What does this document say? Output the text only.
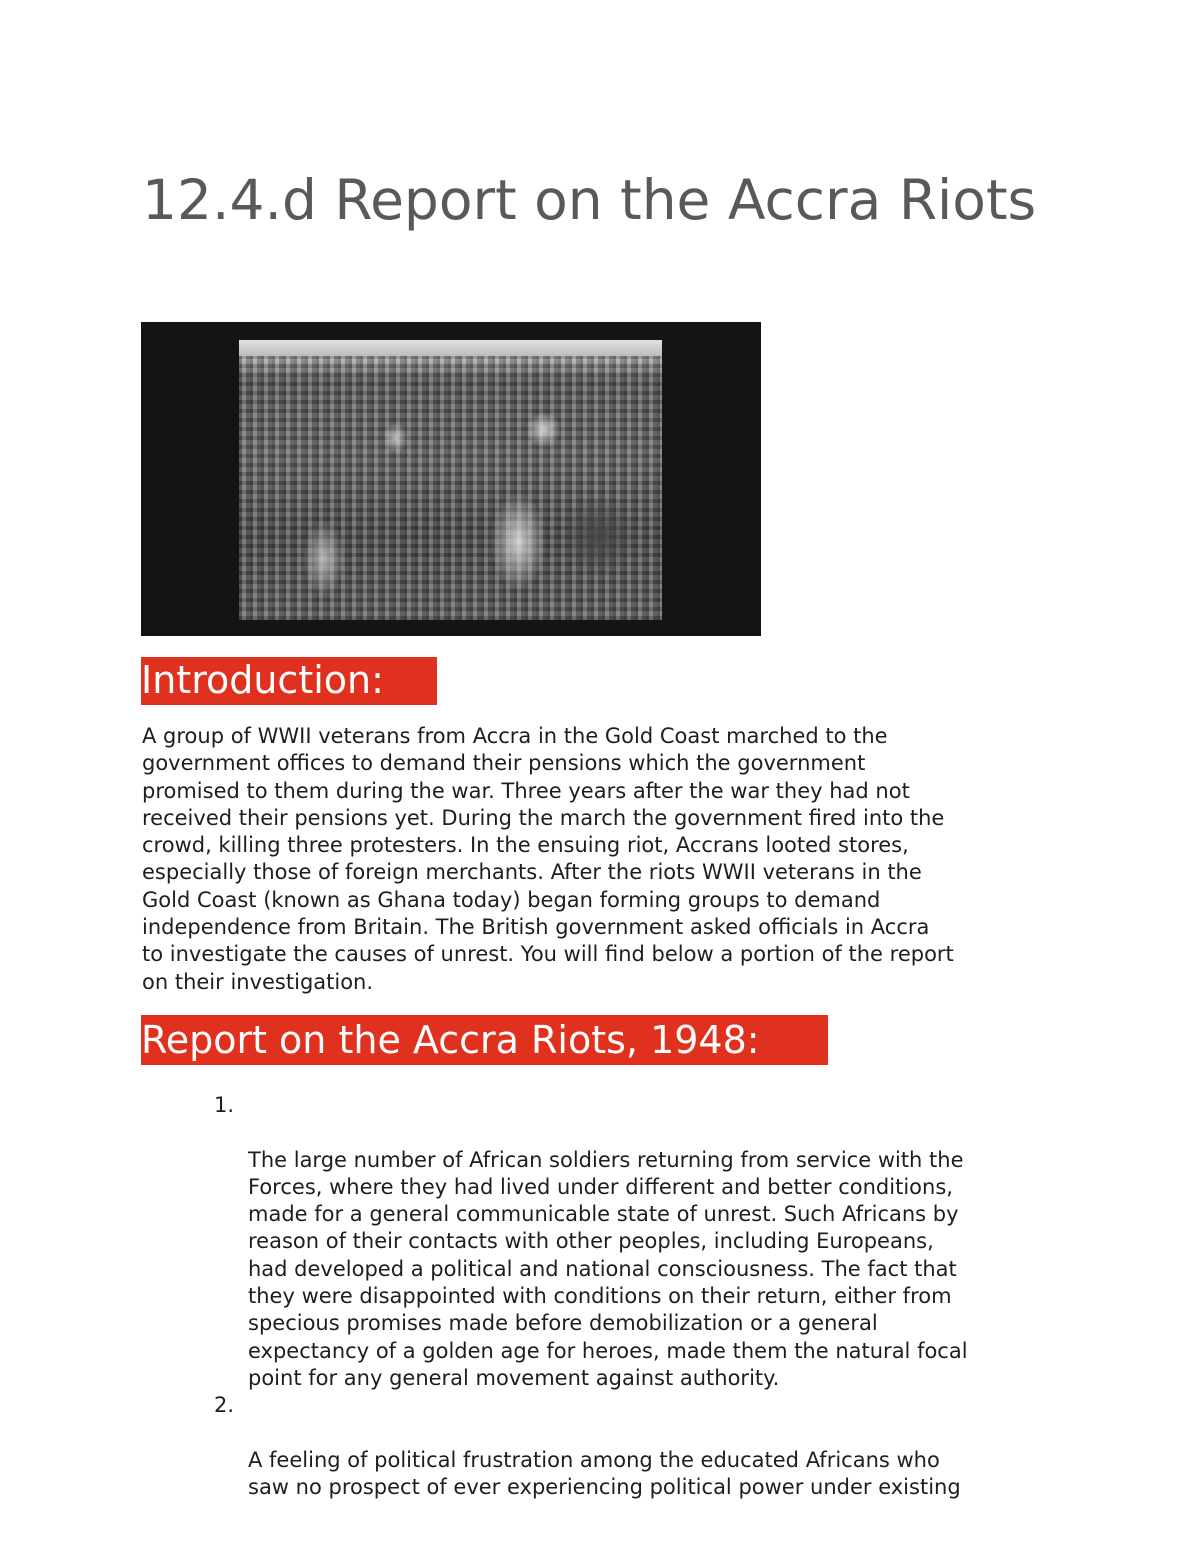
12.4.d Report on the Accra Riots
Introduction:

A group of WWII veterans from Accra in the Gold Coast marched to the
government offices to demand their pensions which the government
promised to them during the war. Three years after the war they had not
received their pensions yet. During the march the government fired into the
crowd, killing three protesters. In the ensuing riot, Accrans looted stores,
especially those of foreign merchants. After the riots WWII veterans in the
Gold Coast (known as Ghana today) began forming groups to demand
independence from Britain. The British government asked officials in Accra
to investigate the causes of unrest. You will find below a portion of the report
on their investigation.

Report on the Accra Riots, 1948:

1.

The large number of African soldiers returning from service with the
Forces, where they had lived under different and better conditions,
made for a general communicable state of unrest. Such Africans by
reason of their contacts with other peoples, including Europeans,
had developed a political and national consciousness. The fact that
they were disappointed with conditions on their return, either from
specious promises made before demobilization or a general
expectancy of a golden age for heroes, made them the natural focal
point for any general movement against authority.

2.

A feeling of political frustration among the educated Africans who
saw no prospect of ever experiencing political power under existing
